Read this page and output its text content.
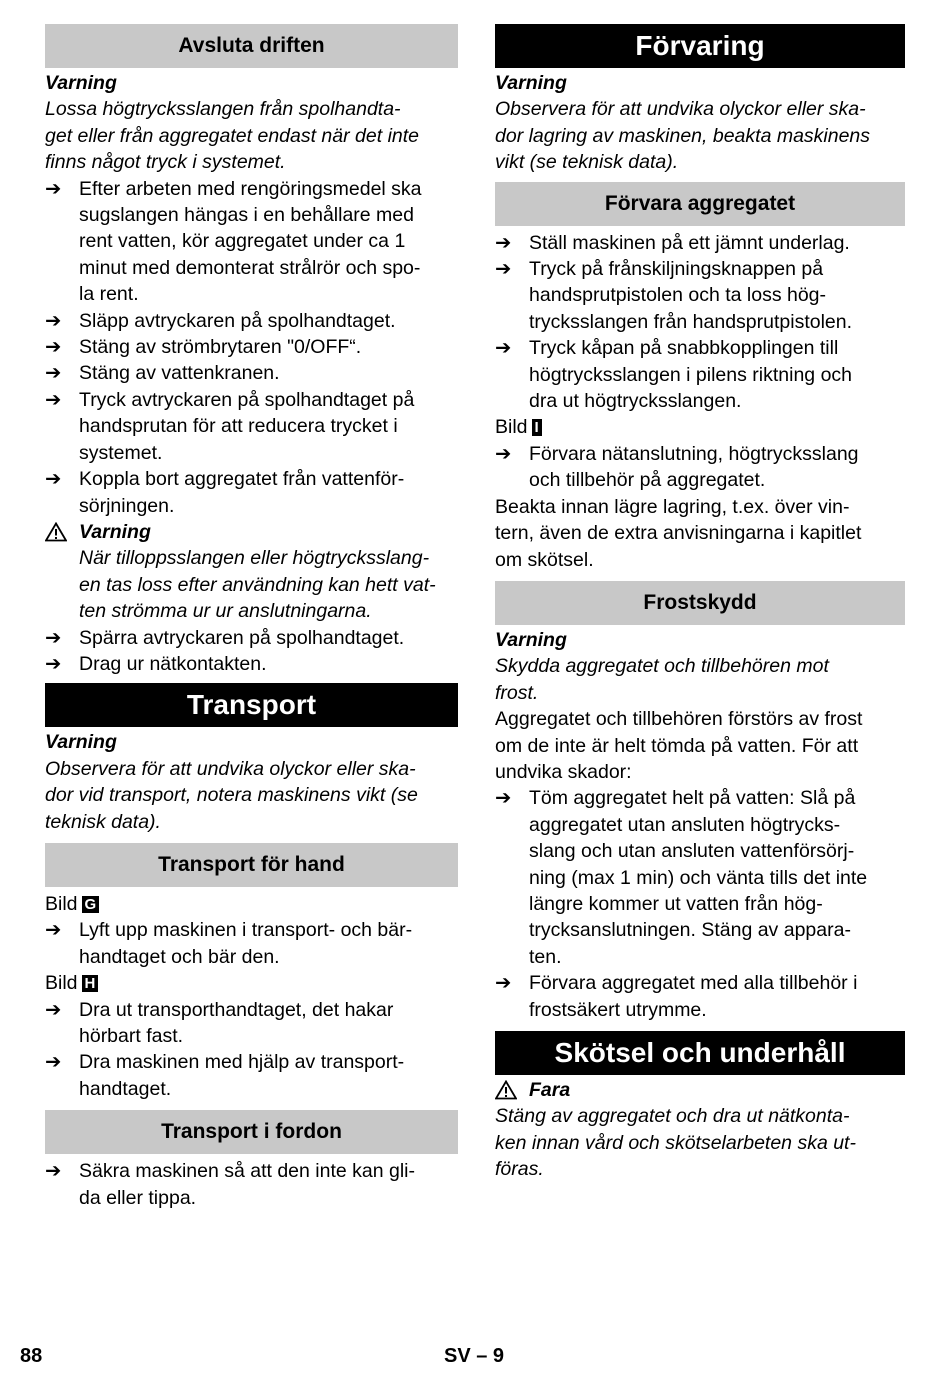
Avsluta driften

Varning

Lossa högtrycksslangen från spolhandta-
get eller från aggregatet endast när det inte
finns något tryck i systemet.
➔ Efter arbeten med rengöringsmedel ska
sugslangen hängas i en behållare med
rent vatten, kör aggregatet under ca 1
minut med demonterat strålrör och spo-
la rent.
➔ Släpp avtryckaren på spolhandtaget.
➔ Stäng av strömbrytaren "0/OFF“.
➔ Stäng av vattenkranen.
➔ Tryck avtryckaren på spolhandtaget på
handsprutan för att reducera trycket i
systemet.
➔ Koppla bort aggregatet från vattenför-
sörjningen.
Varning
När tilloppsslangen eller högtrycksslang-
en tas loss efter användning kan hett vat-
ten strömma ur ur anslutningarna.
➔ Spärra avtryckaren på spolhandtaget.
➔ Drag ur nätkontakten.
Transport

Varning

Observera för att undvika olyckor eller ska-
dor vid transport, notera maskinens vikt (se
teknisk data).
Transport för hand

Bild G

➔ Lyft upp maskinen i transport- och bär-
handtaget och bär den.

Bild H

➔ Dra ut transporthandtaget, det hakar
hörbart fast.
➔ Dra maskinen med hjälp av transport-
handtaget.
Transport i fordon
➔ Säkra maskinen så att den inte kan gli-
da eller tippa.
Förvaring

Varning

Observera för att undvika olyckor eller ska-
dor lagring av maskinen, beakta maskinens
vikt (se teknisk data).
Förvara aggregatet
➔ Ställ maskinen på ett jämnt underlag.
➔ Tryck på frånskiljningsknappen på
handsprutpistolen och ta loss hög-
trycksslangen från handsprutpistolen.
➔ Tryck kåpan på snabbkopplingen till
högtrycksslangen i pilens riktning och
dra ut högtrycksslangen.

Bild I

➔ Förvara nätanslutning, högtrycksslang
och tillbehör på aggregatet.
Beakta innan lägre lagring, t.ex. över vin-
tern, även de extra anvisningarna i kapitlet
om skötsel.
Frostskydd

Varning

Skydda aggregatet och tillbehören mot
frost.
Aggregatet och tillbehören förstörs av frost
om de inte är helt tömda på vatten. För att
undvika skador:
➔ Töm aggregatet helt på vatten: Slå på
aggregatet utan ansluten högtrycks-
slang och utan ansluten vattenförsörj-
ning (max 1 min) och vänta tills det inte
längre kommer ut vatten från hög-
trycksanslutningen. Stäng av appara-
ten.
➔ Förvara aggregatet med alla tillbehör i
frostsäkert utrymme.
Skötsel och underhåll
Fara
Stäng av aggregatet och dra ut nätkonta-
ken innan vård och skötselarbeten ska ut-
föras.
88	SV – 9
